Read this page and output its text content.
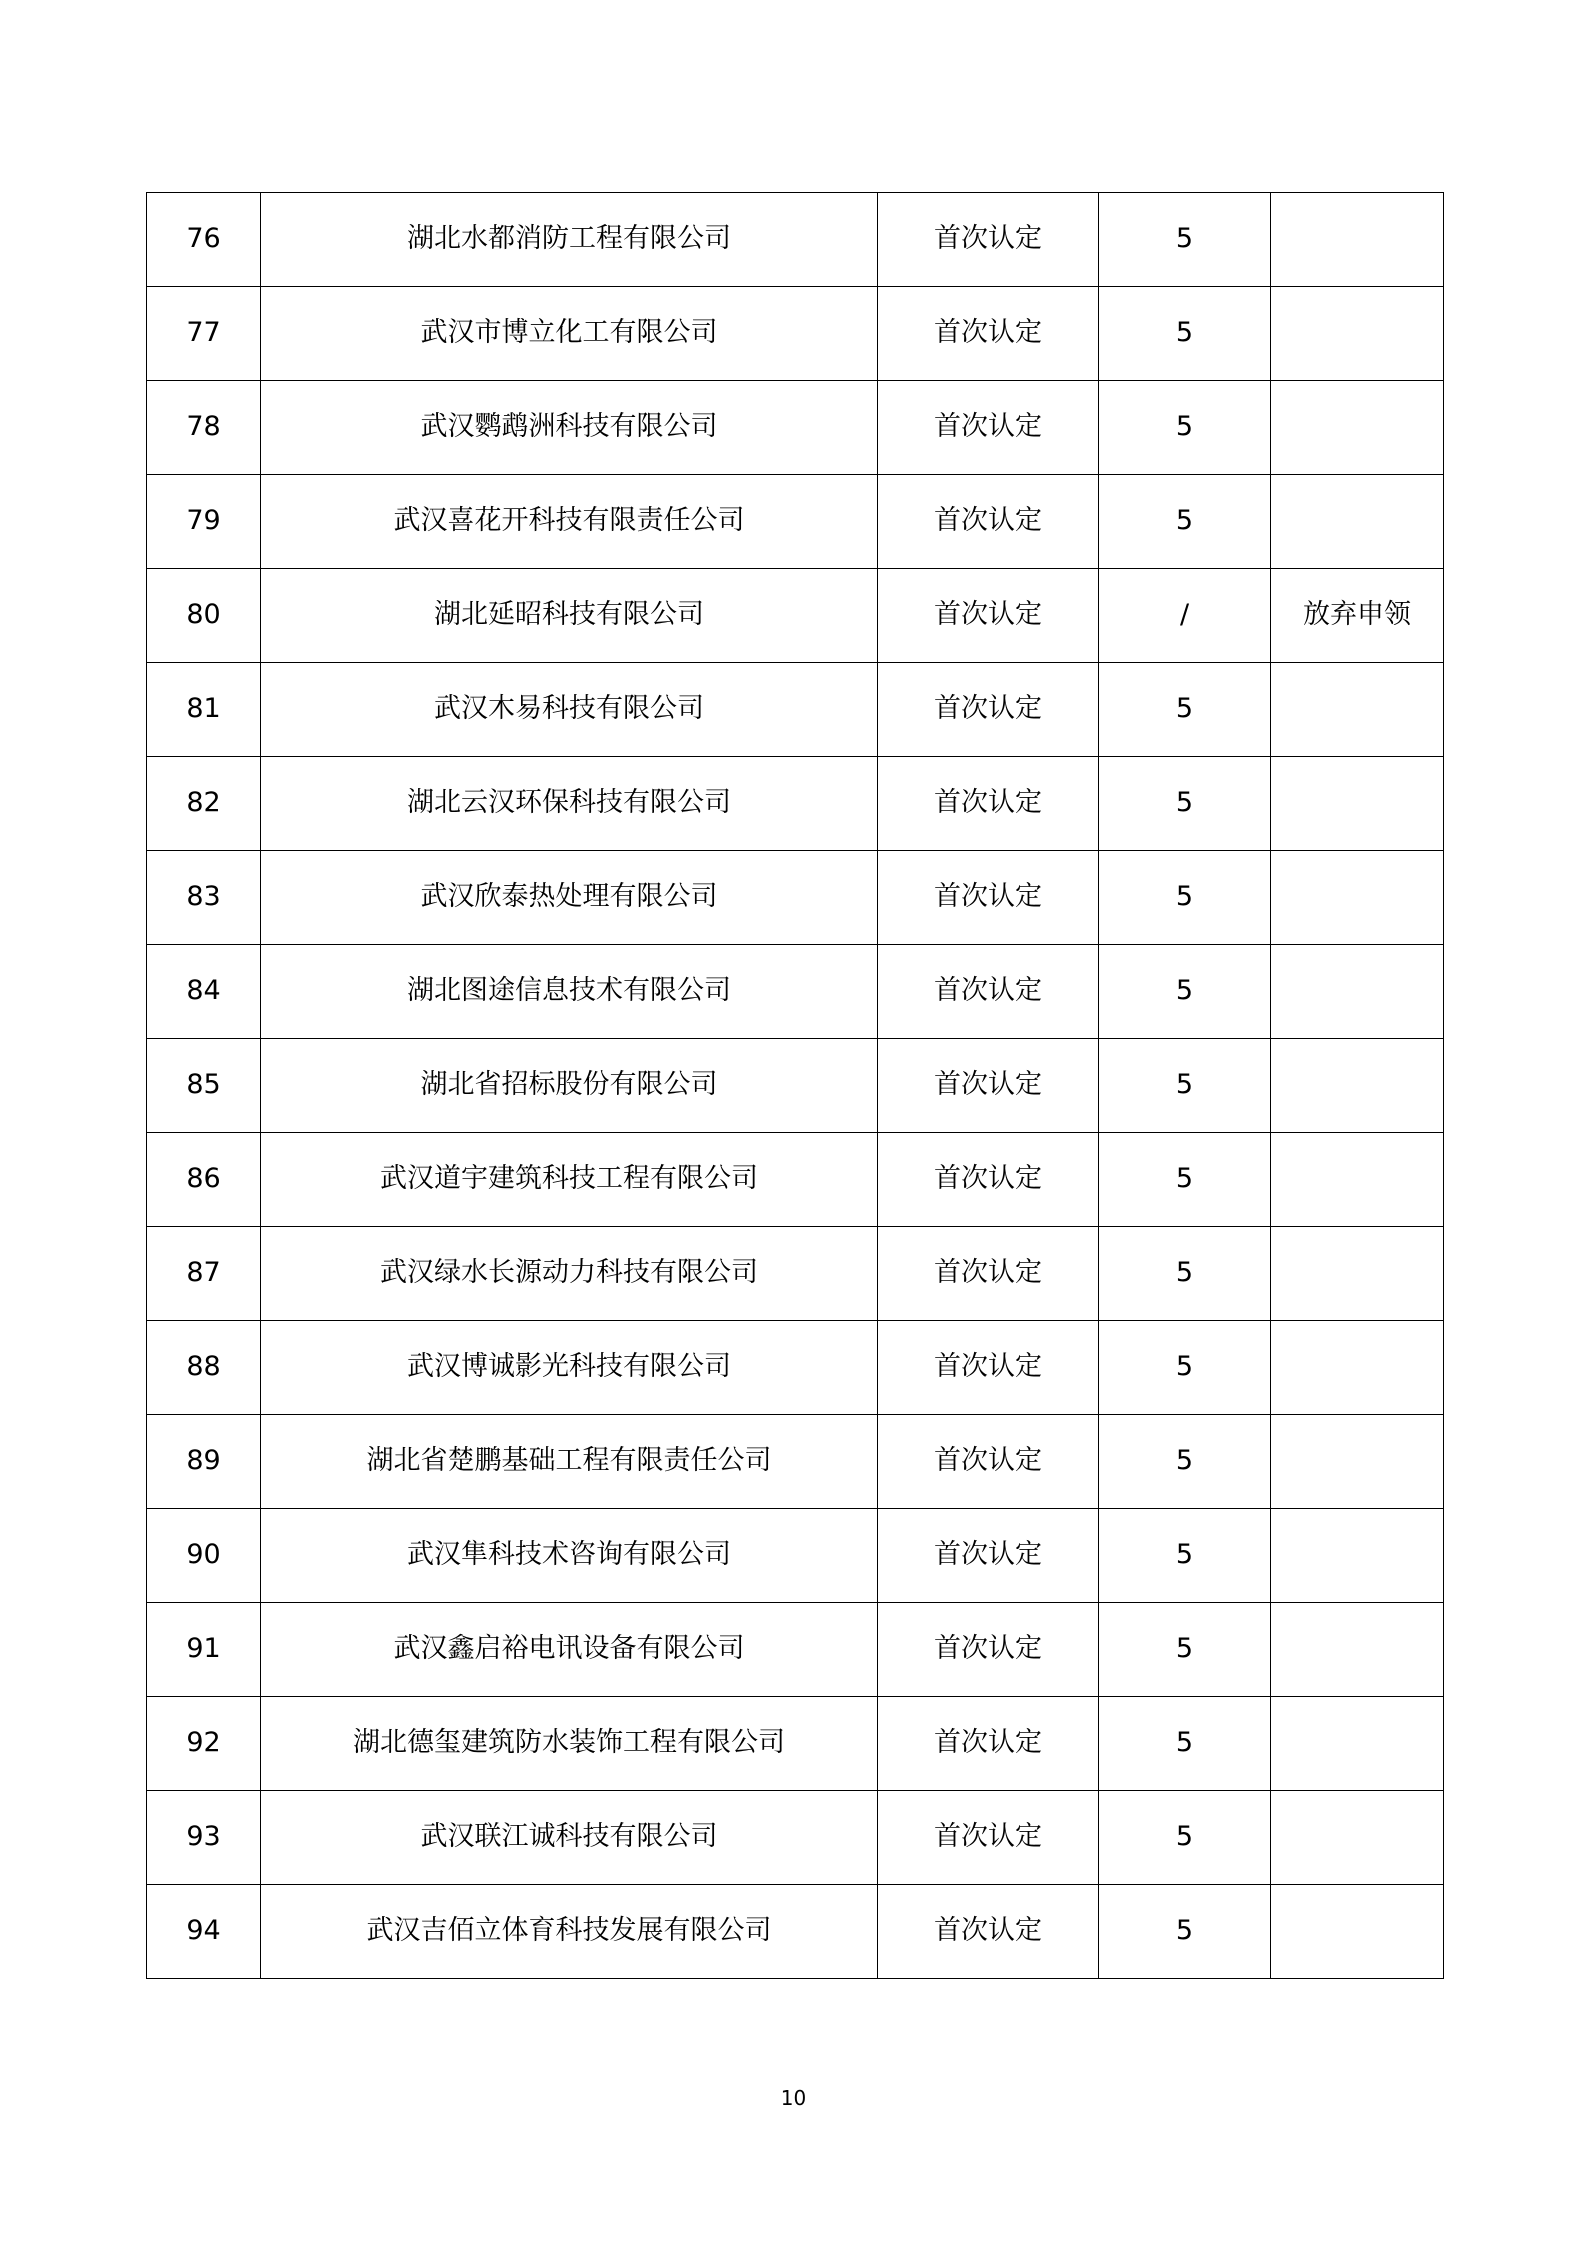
76	湖北水都消防工程有限公司	首次认定	5	
77	武汉市博立化工有限公司	首次认定	5	
78	武汉鹦鹉洲科技有限公司	首次认定	5	
79	武汉喜花开科技有限责任公司	首次认定	5	
80	湖北延昭科技有限公司	首次认定	/	放弃申领
81	武汉木易科技有限公司	首次认定	5	
82	湖北云汉环保科技有限公司	首次认定	5	
83	武汉欣泰热处理有限公司	首次认定	5	
84	湖北图途信息技术有限公司	首次认定	5	
85	湖北省招标股份有限公司	首次认定	5	
86	武汉道宇建筑科技工程有限公司	首次认定	5	
87	武汉绿水长源动力科技有限公司	首次认定	5	
88	武汉博诚影光科技有限公司	首次认定	5	
89	湖北省楚鹏基础工程有限责任公司	首次认定	5	
90	武汉隼科技术咨询有限公司	首次认定	5	
91	武汉鑫启裕电讯设备有限公司	首次认定	5	
92	湖北德玺建筑防水装饰工程有限公司	首次认定	5	
93	武汉联江诚科技有限公司	首次认定	5	
94	武汉吉佰立体育科技发展有限公司	首次认定	5	
10
